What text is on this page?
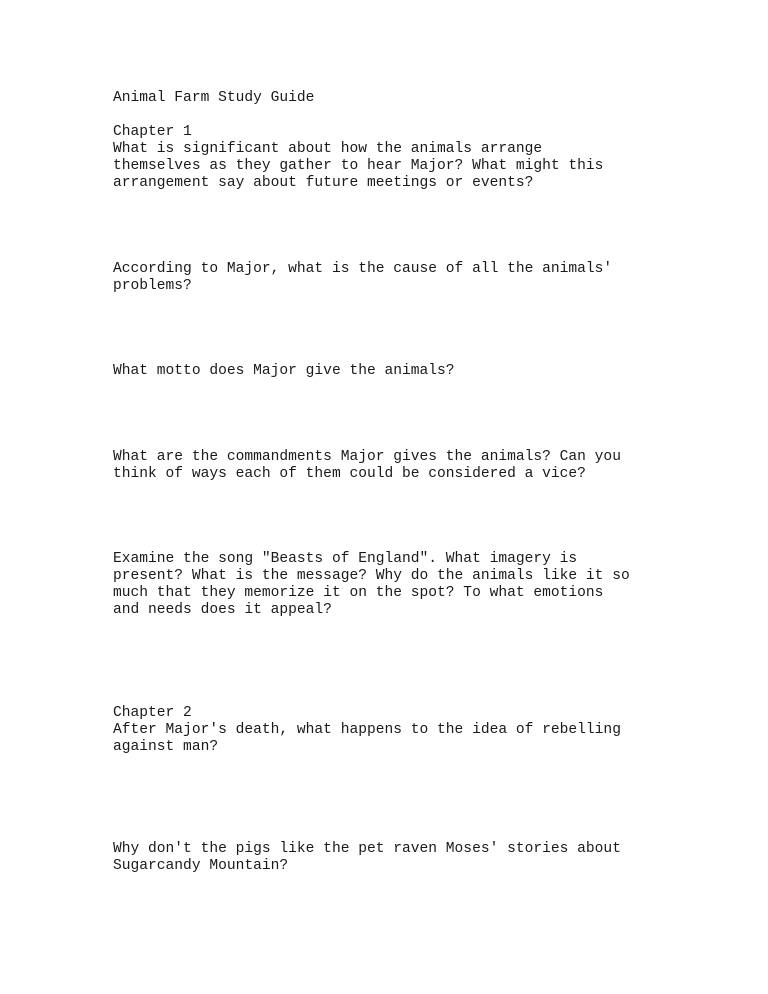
Animal Farm Study Guide

Chapter 1

What is significant about how the animals arrange

themselves as they gather to hear Major? What might this

arrangement say about future meetings or events?

According to Major, what is the cause of all the animals'

problems?

What motto does Major give the animals?

What are the commandments Major gives the animals? Can you

think of ways each of them could be considered a vice?

Examine the song "Beasts of England". What imagery is

present? What is the message? Why do the animals like it so

much that they memorize it on the spot? To what emotions

and needs does it appeal?

Chapter 2

After Major's death, what happens to the idea of rebelling

against man?

Why don't the pigs like the pet raven Moses' stories about

Sugarcandy Mountain?
